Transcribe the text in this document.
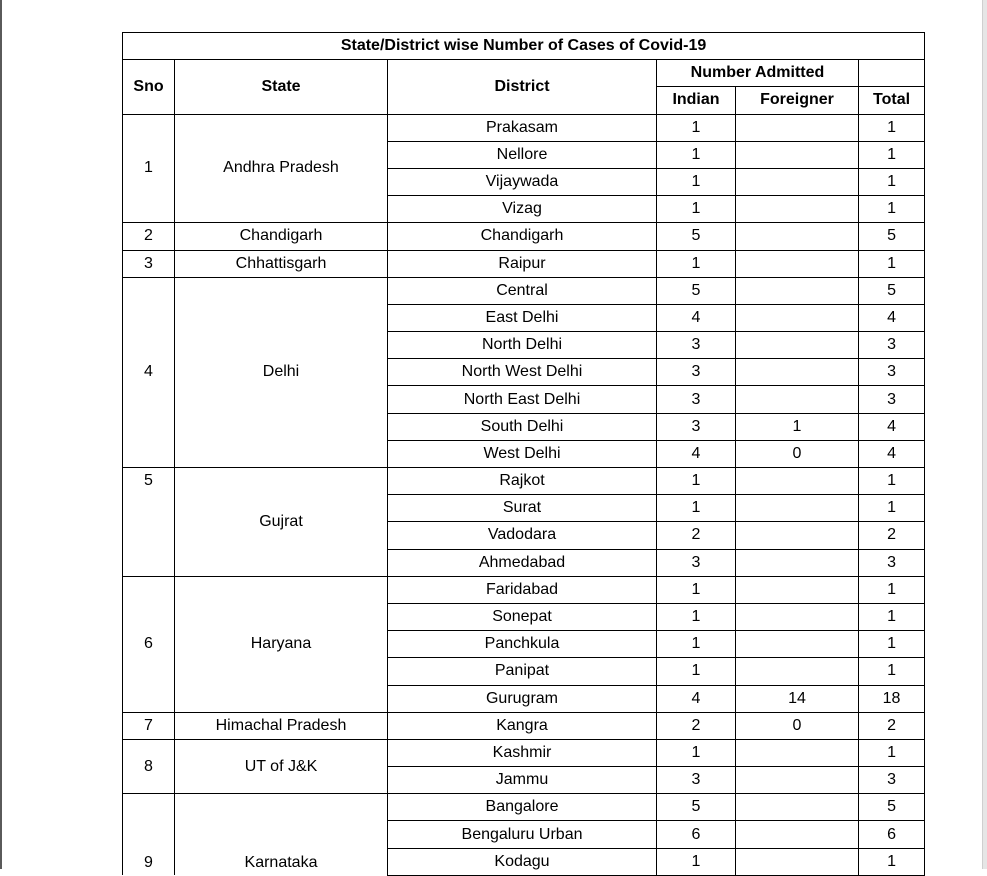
State/District wise Number of Cases of Covid-19					
Sno	State	District	Number Admitted		
			Indian	Foreigner	Total
1	Andhra Pradesh	Prakasam	1		1
		Nellore	1		1
		Vijaywada	1		1
		Vizag	1		1
2	Chandigarh	Chandigarh	5		5
3	Chhattisgarh	Raipur	1		1
4	Delhi	Central	5		5
		East Delhi	4		4
		North Delhi	3		3
		North West Delhi	3		3
		North East Delhi	3		3
		South Delhi	3	1	4
		West Delhi	4	0	4
5	Gujrat	Rajkot	1		1
		Surat	1		1
		Vadodara	2		2
		Ahmedabad	3		3
6	Haryana	Faridabad	1		1
		Sonepat	1		1
		Panchkula	1		1
		Panipat	1		1
		Gurugram	4	14	18
7	Himachal Pradesh	Kangra	2	0	2
8	UT of J&K	Kashmir	1		1
		Jammu	3		3
9	Karnataka	Bangalore	5		5
		Bengaluru Urban	6		6
		Kodagu	1		1
